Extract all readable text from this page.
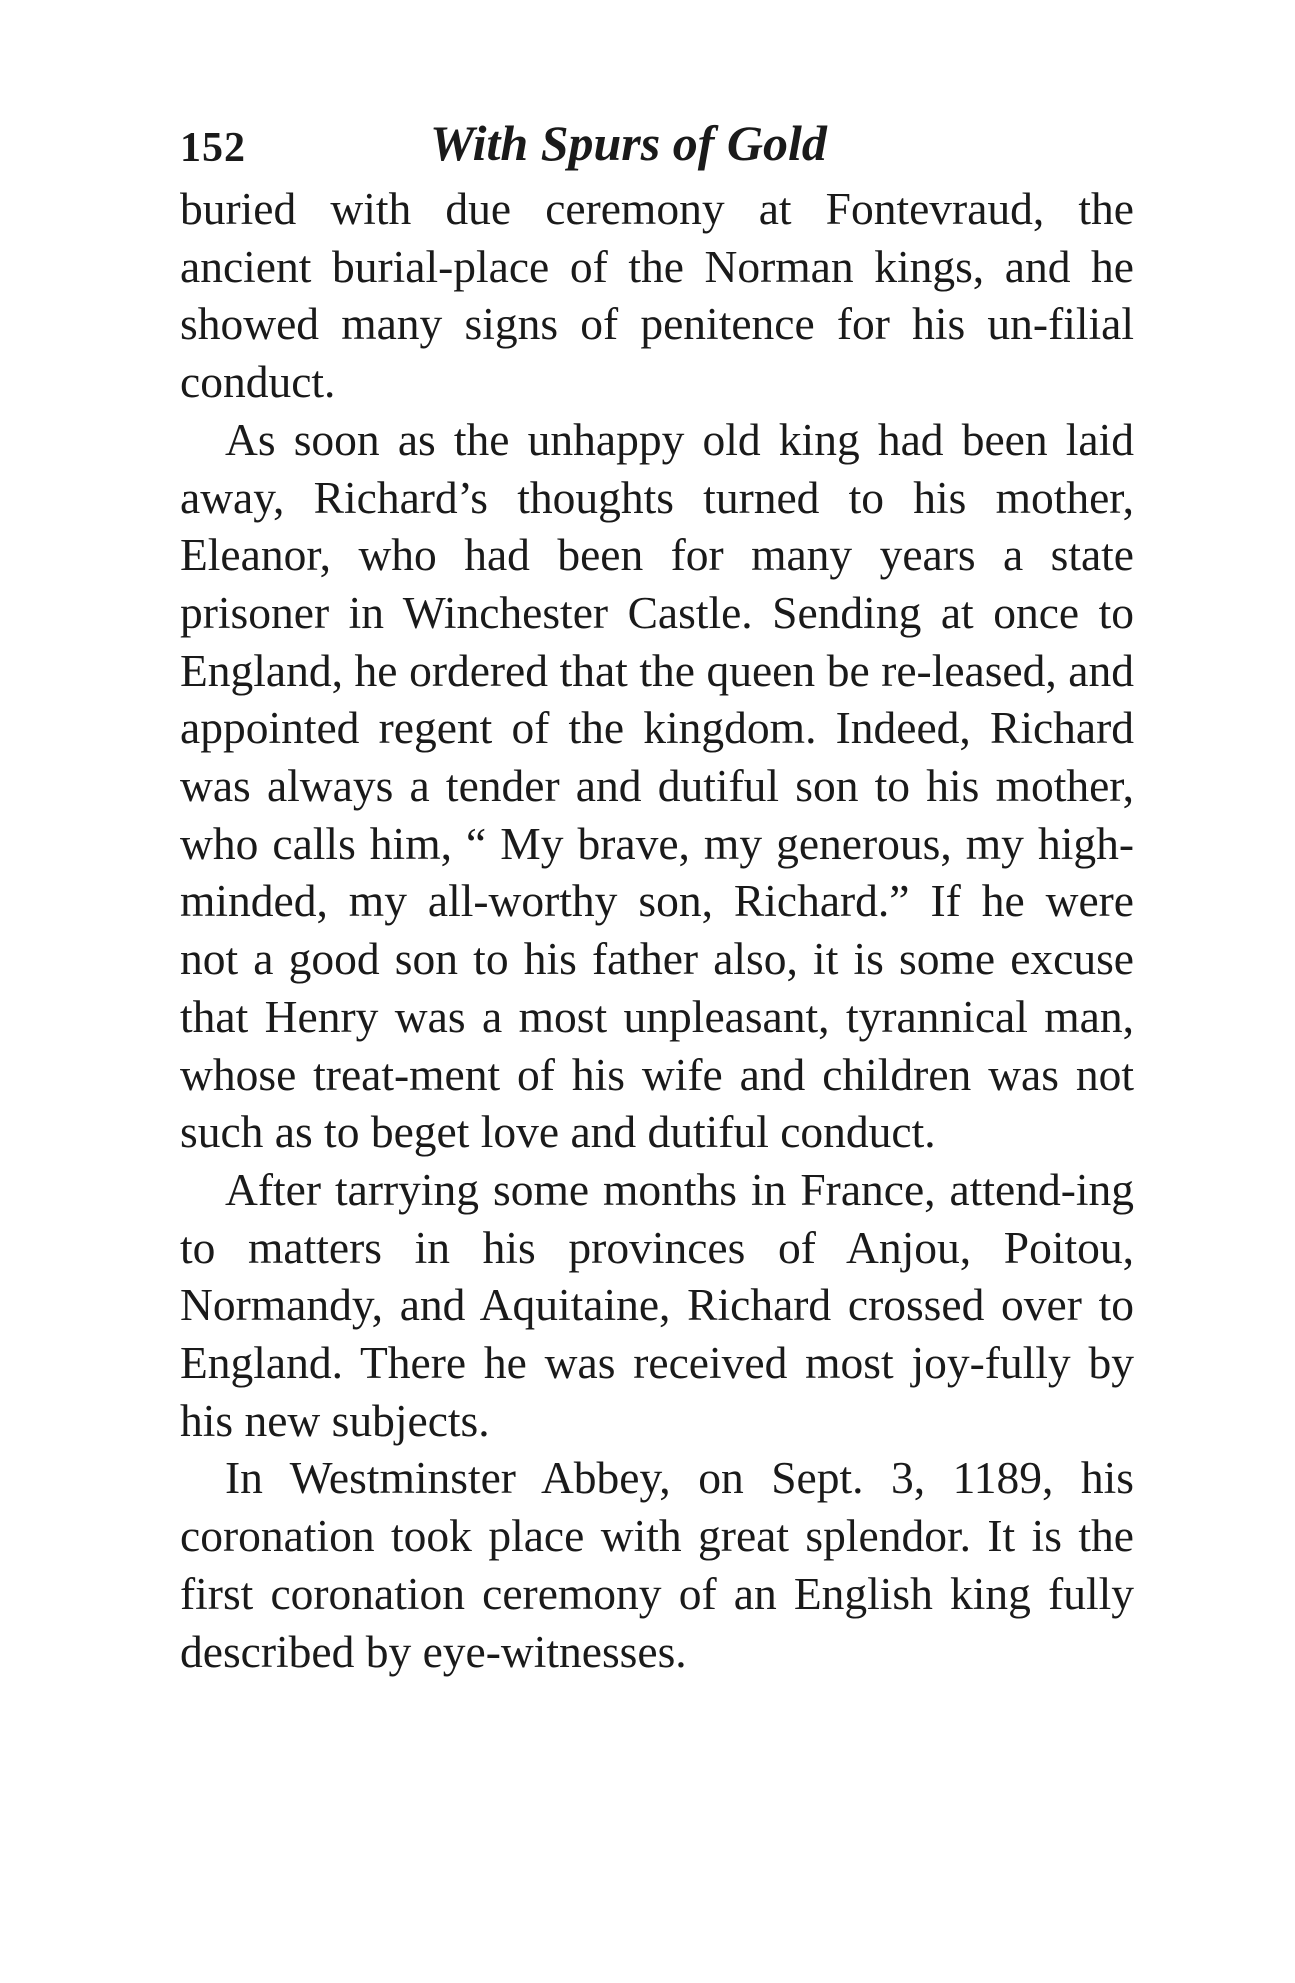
152	With Spurs of Gold

buried with due ceremony at Fontevraud, the ancient burial-place of the Norman kings, and he showed many signs of penitence for his un-filial conduct.

As soon as the unhappy old king had been laid away, Richard’s thoughts turned to his mother, Eleanor, who had been for many years a state prisoner in Winchester Castle. Sending at once to England, he ordered that the queen be re-leased, and appointed regent of the kingdom. Indeed, Richard was always a tender and dutiful son to his mother, who calls him, “ My brave, my generous, my high-minded, my all-worthy son, Richard.” If he were not a good son to his father also, it is some excuse that Henry was a most unpleasant, tyrannical man, whose treat-ment of his wife and children was not such as to beget love and dutiful conduct.

After tarrying some months in France, attend-ing to matters in his provinces of Anjou, Poitou, Normandy, and Aquitaine, Richard crossed over to England. There he was received most joy-fully by his new subjects.

In Westminster Abbey, on Sept. 3, 1189, his coronation took place with great splendor. It is the first coronation ceremony of an English king fully described by eye-witnesses.
